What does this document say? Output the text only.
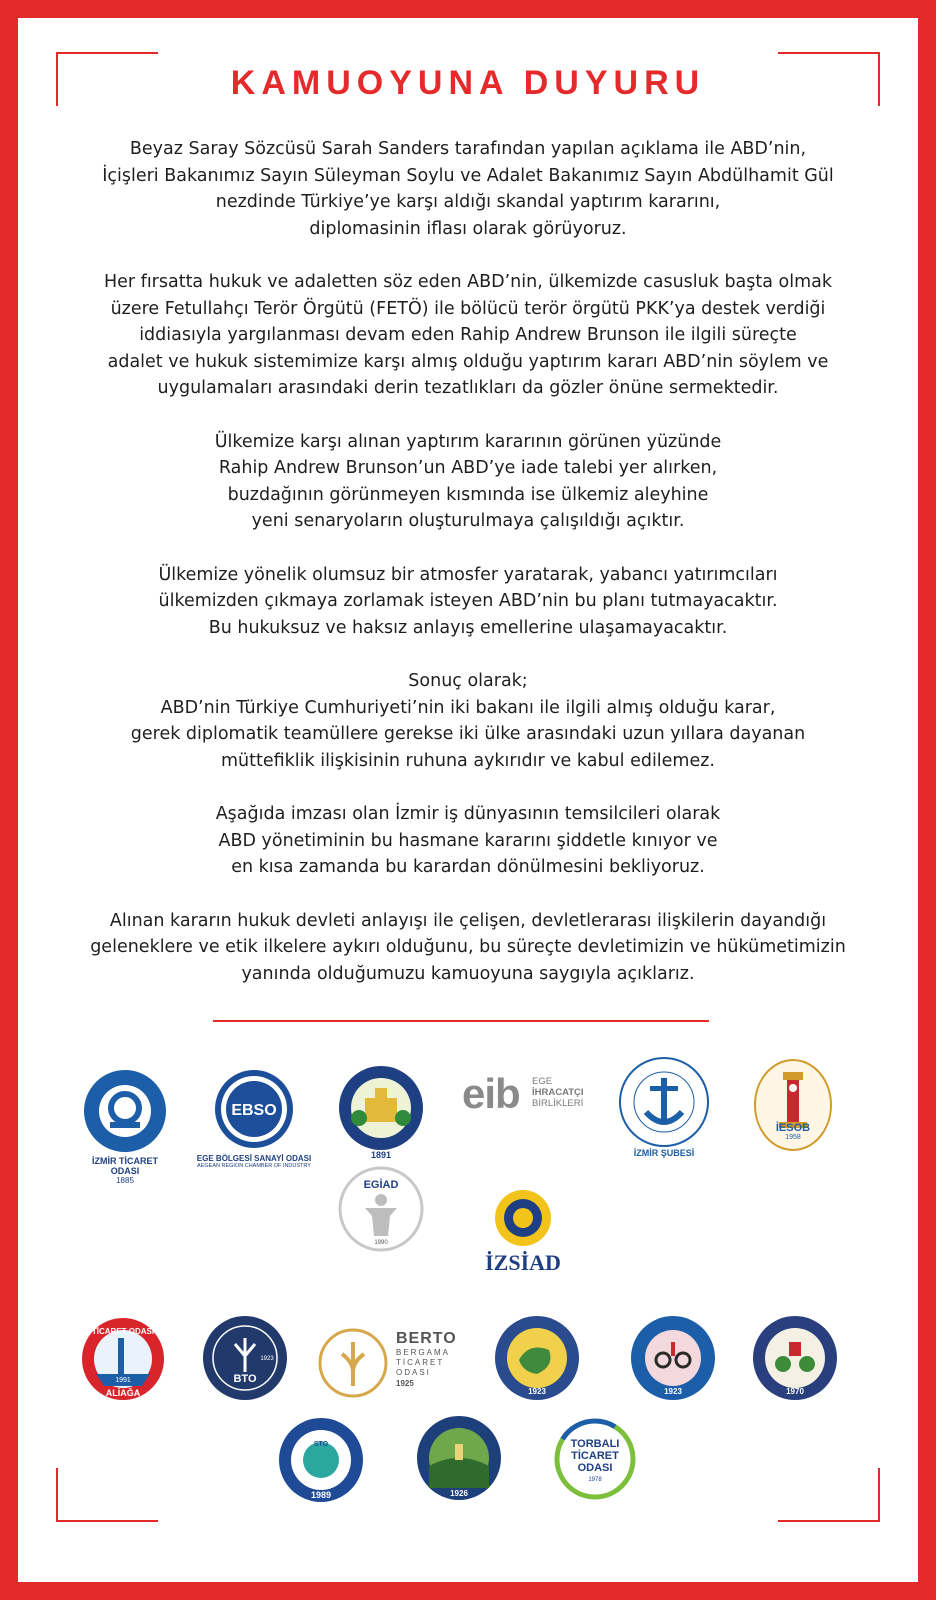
KAMUOYUNA DUYURU

Beyaz Saray Sözcüsü Sarah Sanders tarafından yapılan açıklama ile ABD’nin,
İçişleri Bakanımız Sayın Süleyman Soylu ve Adalet Bakanımız Sayın Abdülhamit Gül
nezdinde Türkiye’ye karşı aldığı skandal yaptırım kararını,
diplomasinin iflası olarak görüyoruz.

Her fırsatta hukuk ve adaletten söz eden ABD’nin, ülkemizde casusluk başta olmak
üzere Fetullahçı Terör Örgütü (FETÖ) ile bölücü terör örgütü PKK’ya destek verdiği
iddiasıyla yargılanması devam eden Rahip Andrew Brunson ile ilgili süreçte
adalet ve hukuk sistemimize karşı almış olduğu yaptırım kararı ABD’nin söylem ve
uygulamaları arasındaki derin tezatlıkları da gözler önüne sermektedir.

Ülkemize karşı alınan yaptırım kararının görünen yüzünde
Rahip Andrew Brunson’un ABD’ye iade talebi yer alırken,
buzdağının görünmeyen kısmında ise ülkemiz aleyhine
yeni senaryoların oluşturulmaya çalışıldığı açıktır.

Ülkemize yönelik olumsuz bir atmosfer yaratarak, yabancı yatırımcıları
ülkemizden çıkmaya zorlamak isteyen ABD’nin bu planı tutmayacaktır.
Bu hukuksuz ve haksız anlayış emellerine ulaşamayacaktır.

Sonuç olarak;
ABD’nin Türkiye Cumhuriyeti’nin iki bakanı ile ilgili almış olduğu karar,
gerek diplomatik teamüllere gerekse iki ülke arasındaki uzun yıllara dayanan
müttefiklik ilişkisinin ruhuna aykırıdır ve kabul edilemez.

Aşağıda imzası olan İzmir iş dünyasının temsilcileri olarak
ABD yönetiminin bu hasmane kararını şiddetle kınıyor ve
en kısa zamanda bu karardan dönülmesini bekliyoruz.

Alınan kararın hukuk devleti anlayışı ile çelişen, devletlerarası ilişkilerin dayandığı
geleneklere ve etik ilkelere aykırı olduğunu, bu süreçte devletimizin ve hükümetimizin
yanında olduğumuzu kamuoyuna saygıyla açıklarız.

İZMİR TİCARET ODASI
1885
EBSO
EGE BÖLGESİ SANAYİ ODASI
AEGEAN REGION CHAMBER OF INDUSTRY
1891
eib EGE
İHRACATÇI
BİRLİKLERİ
İZMİR ŞUBESİ
İESOB
1958
EGİAD
1990
İZSİAD
TİCARET ODASI
1991
ALİAĞA
BTO
1923
BERTO
BERGAMA
TİCARET
ODASI
1925
1923	1923	1970
STO
1989	1926
TORBALI
TİCARET
ODASI
1978
